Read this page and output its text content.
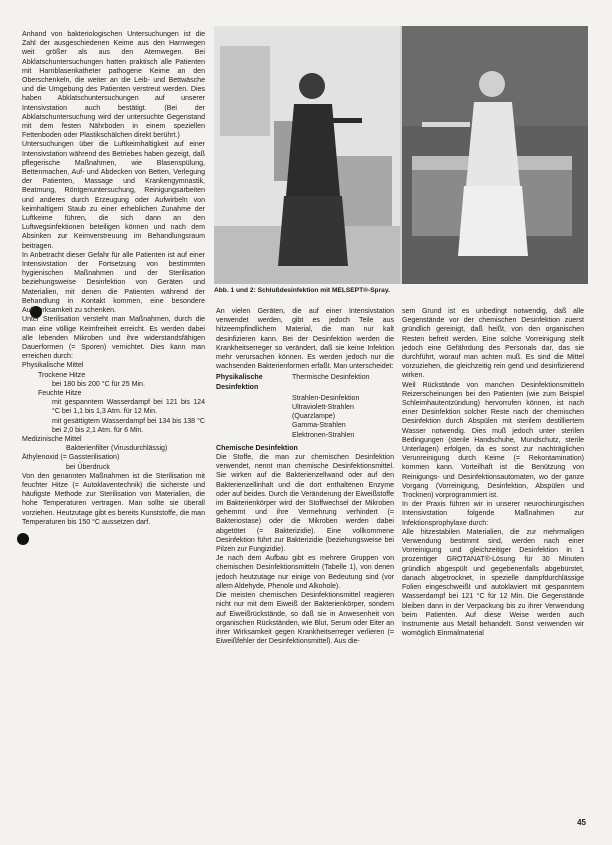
Anhand von bakteriologischen Untersuchungen ist die Zahl der ausgeschiedenen Keime aus den Harnwegen weit größer als aus den Atemwegen. Bei Abklatschuntersuchungen hatten praktisch alle Patienten mit Harnblasenkatheter pathogene Keime an den Oberschenkeln, die weiter an die Leib- und Bettwäsche und die Umgebung des Patienten verstreut werden. Dies haben Abklatschuntersuchungen auf unserer Intensivstation auch bestätigt. (Bei der Abklatschuntersuchung wird der untersuchte Gegenstand mit dem festen Nährboden in einem speziellen Fettenboden oder Plastikschälchen direkt berührt.)

Untersuchungen über die Luftkeimhaltigkeit auf einer Intensivstation während des Betriebes haben gezeigt, daß pflegerische Maßnahmen, wie Blasenspülung, Bettenmachen, Auf- und Abdecken von Betten, Verlegung der Patienten, Massage und Krankengymnastik, Beatmung, Röntgenuntersuchung, Reinigungsarbeiten und anderes durch Erzeugung oder Aufwirbeln von keimhaltigem Staub zu einer erheblichen Zunahme der Luftkeime führen, die sich dann an den Luftwegsinfektionen beteiligen können und nach dem Absinken zur Keimverstreuung im Behandlungsraum beitragen.

In Anbetracht dieser Gefahr für alle Patienten ist auf einer Intensivstation der Fortsetzung von bestimmten hygienischen Maßnahmen und der Sterilisation beziehungsweise Desinfektion von Geräten und Materialien, mit denen die Patienten während der Behandlung in Kontakt kommen, eine besondere Aufmerksamkeit zu schenken.

Unter Sterilisation versteht man Maßnahmen, durch die man eine völlige Keimfreiheit erreicht. Es werden dabei alle lebenden Mikroben und ihre widerstandsfähigen Dauerformen (= Sporen) vernichtet. Dies kann man erreichen durch:

Physikalische Mittel

Trockene Hitze

bei 180 bis 200 °C für 25 Min.

Feuchte Hitze

mit gespanntem Wasserdampf bei 121 bis 124 °C bei 1,1 bis 1,3 Atm. für 12 Min.

mit gesättigtem Wasserdampf bei 134 bis 138 °C bei 2,0 bis 2,1 Atm. für 6 Min.

Medizinische Mittel

Bakterienfilter (Virusdurchlässig)

Äthylenoxid (= Gassterilisation)

bei Überdruck

Von den genannten Maßnahmen ist die Sterilisation mit feuchter Hitze (= Autoklaventechnik) die sicherste und häufigste Methode zur Sterilisation von Materialien, die hohe Temperaturen vertragen. Man sollte sie überall vorziehen. Heutzutage gibt es bereits Kunststoffe, die man Temperaturen bis 150 °C aussetzen darf.

Abb. 1 und 2: Schlußdesinfektion mit MELSEPT®-Spray.

An vielen Geräten, die auf einer Intensivstation verwendet werden, gibt es jedoch Teile aus hitzeempfindlichem Material, die man nur kalt desinfizieren kann. Bei der Desinfektion werden die Krankheitserreger so verändert, daß sie keine Infektion mehr verursachen können. Es werden jedoch nur die wachsenden Bakterienformen erfaßt. Man unterscheidet:

Physikalische Desinfektion
Thermische Desinfektion

Strahlen-Desinfektion

Ultraviolett-Strahlen (Quarzlampe)

Gamma-Strahlen

Elektronen-Strahlen

Chemische Desinfektion

Die Stoffe, die man zur chemischen Desinfektion verwendet, nennt man chemische Desinfektionsmittel. Sie wirken auf die Bakterienzellwand oder auf den Bakterienzellinhalt und die dort enthaltenen Enzyme oder auf beides. Durch die Veränderung der Eiweißstoffe im Bakterienkörper wird der Stoffwechsel der Mikroben gehemmt und ihre Vermehrung verhindert (= Bakteriostase) oder die Mikroben werden dabei abgetötet (= Bakterizidie). Eine vollkommene Desinfektion führt zur Bakterizidie (beziehungsweise bei Pilzen zur Fungizidie).

Je nach dem Aufbau gibt es mehrere Gruppen von chemischen Desinfektionsmitteln (Tabelle 1), von denen jedoch heutzutage nur einige von Bedeutung sind (vor allem Aldehyde, Phenole und Alkohole).

Die meisten chemischen Desinfektionsmittel reagieren nicht nur mit dem Eiweiß der Bakterienkörper, sondern auf Eiweißrückstände, so daß sie in Anwesenheit von organischen Rückständen, wie Blut, Serum oder Eiter an ihrer Wirksamkeit gegen Krankheitserreger verlieren (= Eiweißfehler der Desinfektionsmittel). Aus die-

sem Grund ist es unbedingt notwendig, daß alle Gegenstände vor der chemischen Desinfektion zuerst gründlich gereinigt, daß heißt, von den organischen Resten befreit werden. Eine solche Vorreinigung stellt jedoch eine Gefährdung des Personals dar, das sie durchführt, worauf man achten muß. Es sind die Mittel vorzuziehen, die gleichzeitig rein gend und desinfizierend wirken.

Weil Rückstände von manchen Desinfektionsmitteln Reizerscheinungen bei den Patienten (wie zum Beispiel Schleimhautentzündung) hervorrufen können, ist nach einer Desinfektion solcher Reste nach der chemischen Desinfektion durch Abspülen mit sterilem destilliertem Wasser notwendig. Dies muß jedoch unter sterilen Bedingungen (sterile Handschuhe, Mundschutz, sterile Unterlagen) erfolgen, da es sonst zur nachträglichen Verunreinigung durch Keime (= Rekontamination) kommen kann. Vorteilhaft ist die Benützung von Reinigungs- und Desinfektionsautomaten, wo der ganze Vorgang (Vorreinigung, Desinfektion, Abspülen und Trocknen) vorprogrammiert ist.

In der Praxis führen wir in unserer neurochirurgischen Intensivstation folgende Maßnahmen zur Infektionsprophylaxe durch:

Alle hitzestabilen Materialien, die zur mehrmaligen Verwendung bestimmt sind, werden nach einer Vorreinigung und gleichzeitiger Desinfektion in 1 prozentiger GROTANAT®-Lösung für 30 Minuten gründlich abgespült und gegebenenfalls abgebürstet, danach abgetrocknet, in spezielle dampfdurchlässige Folien eingeschweißt und autoklaviert mit gespanntem Wasserdampf bei 121 °C für 12 Min. Die Gegenstände bleiben dann in der Verpackung bis zu ihrer Verwendung beim Patienten. Auf diese Weise werden auch Instrumente aus Metall behandelt. Sonst verwenden wir womöglich Einmalmaterial

45
